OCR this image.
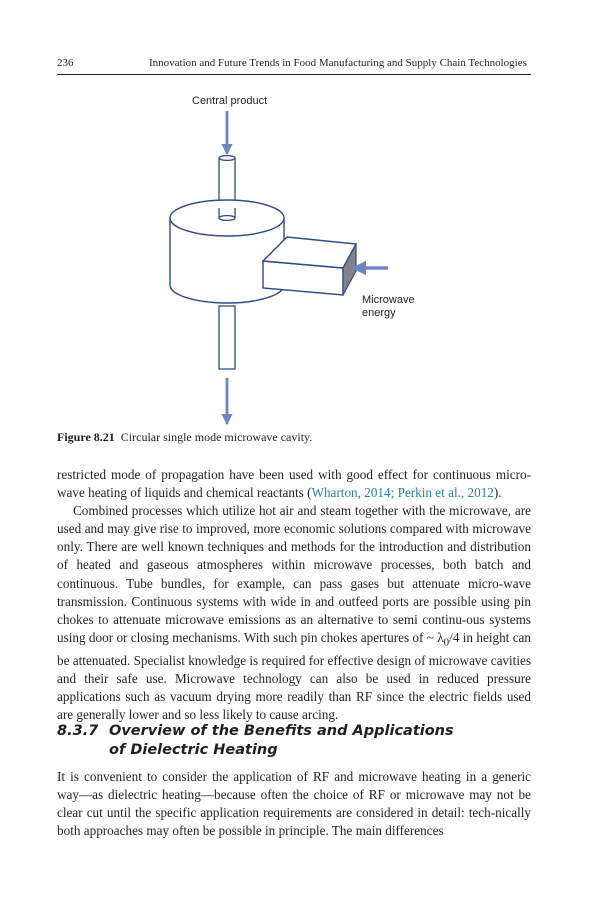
236	Innovation and Future Trends in Food Manufacturing and Supply Chain Technologies
Central product
Microwave
energy
Figure 8.21 Circular single mode microwave cavity.

restricted mode of propagation have been used with good effect for continuous micro-wave heating of liquids and chemical reactants (Wharton, 2014; Perkin et al., 2012).

Combined processes which utilize hot air and steam together with the microwave, are used and may give rise to improved, more economic solutions compared with microwave only. There are well known techniques and methods for the introduction and distribution of heated and gaseous atmospheres within microwave processes, both batch and continuous. Tube bundles, for example, can pass gases but attenuate micro-wave transmission. Continuous systems with wide in and outfeed ports are possible using pin chokes to attenuate microwave emissions as an alternative to semi continu-ous systems using door or closing mechanisms. With such pin chokes apertures of ~ $\lambda_0/4$ in height can be attenuated. Specialist knowledge is required for effective design of microwave cavities and their safe use. Microwave technology can also be used in reduced pressure applications such as vacuum drying more readily than RF since the electric fields used are generally lower and so less likely to cause arcing.

8.3.7 Overview of the Benefits and Applications
of Dielectric Heating

It is convenient to consider the application of RF and microwave heating in a generic way—as dielectric heating—because often the choice of RF or microwave may not be clear cut until the specific application requirements are considered in detail: tech-nically both approaches may often be possible in principle. The main differences
